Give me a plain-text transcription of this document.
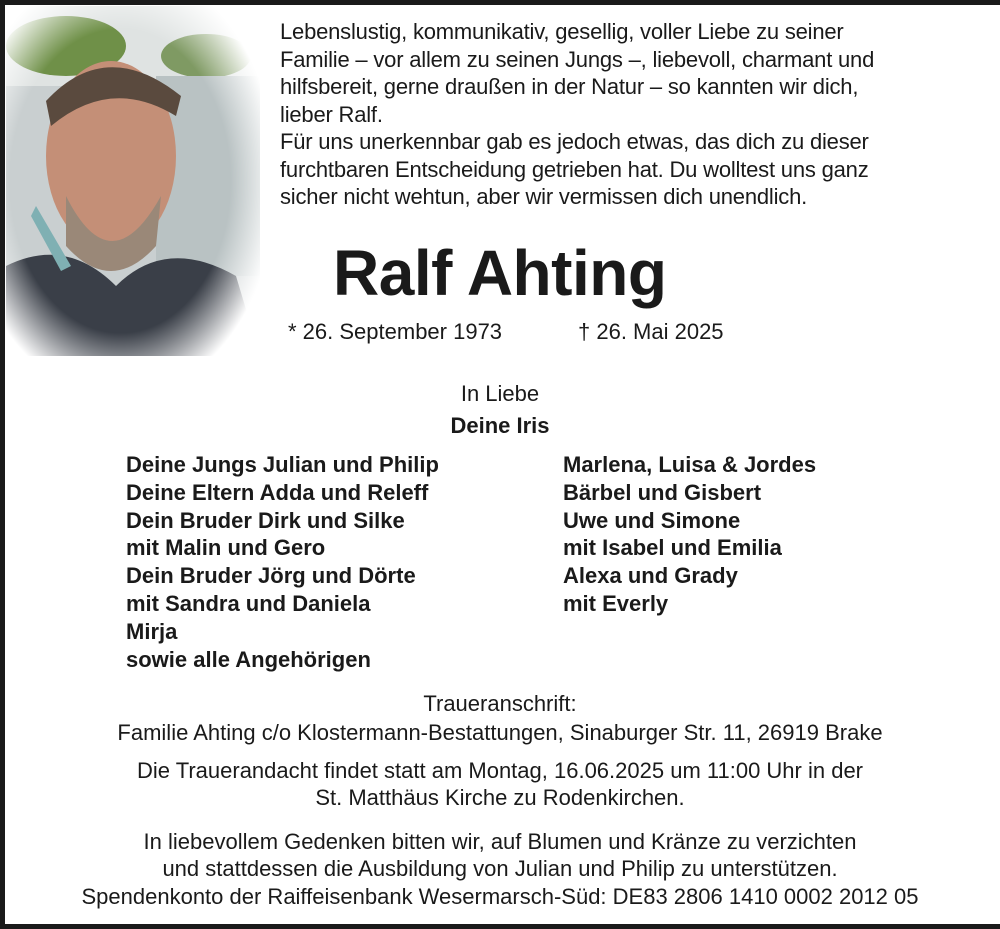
Lebenslustig, kommunikativ, gesellig, voller Liebe zu seiner

Familie – vor allem zu seinen Jungs –, liebevoll, charmant und

hilfsbereit, gerne draußen in der Natur – so kannten wir dich,

lieber Ralf.

Für uns unerkennbar gab es jedoch etwas, das dich zu dieser

furchtbaren Entscheidung getrieben hat. Du wolltest uns ganz

sicher nicht wehtun, aber wir vermissen dich unendlich.

Ralf Ahting
* 26. September 1973	† 26. Mai 2025
In Liebe
Deine Iris
Deine Jungs Julian und Philip
Deine Eltern Adda und Releff
Dein Bruder Dirk und Silke
mit Malin und Gero
Dein Bruder Jörg und Dörte
mit Sandra und Daniela
Mirja
sowie alle Angehörigen
Marlena, Luisa & Jordes
Bärbel und Gisbert
Uwe und Simone
mit Isabel und Emilia
Alexa und Grady
mit Everly
Traueranschrift:
Familie Ahting c/o Klostermann-Bestattungen, Sinaburger Str. 11, 26919 Brake
Die Trauerandacht findet statt am Montag, 16.06.2025 um 11:00 Uhr in der
St. Matthäus Kirche zu Rodenkirchen.
In liebevollem Gedenken bitten wir, auf Blumen und Kränze zu verzichten
und stattdessen die Ausbildung von Julian und Philip zu unterstützen.
Spendenkonto der Raiffeisenbank Wesermarsch-Süd: DE83 2806 1410 0002 2012 05
